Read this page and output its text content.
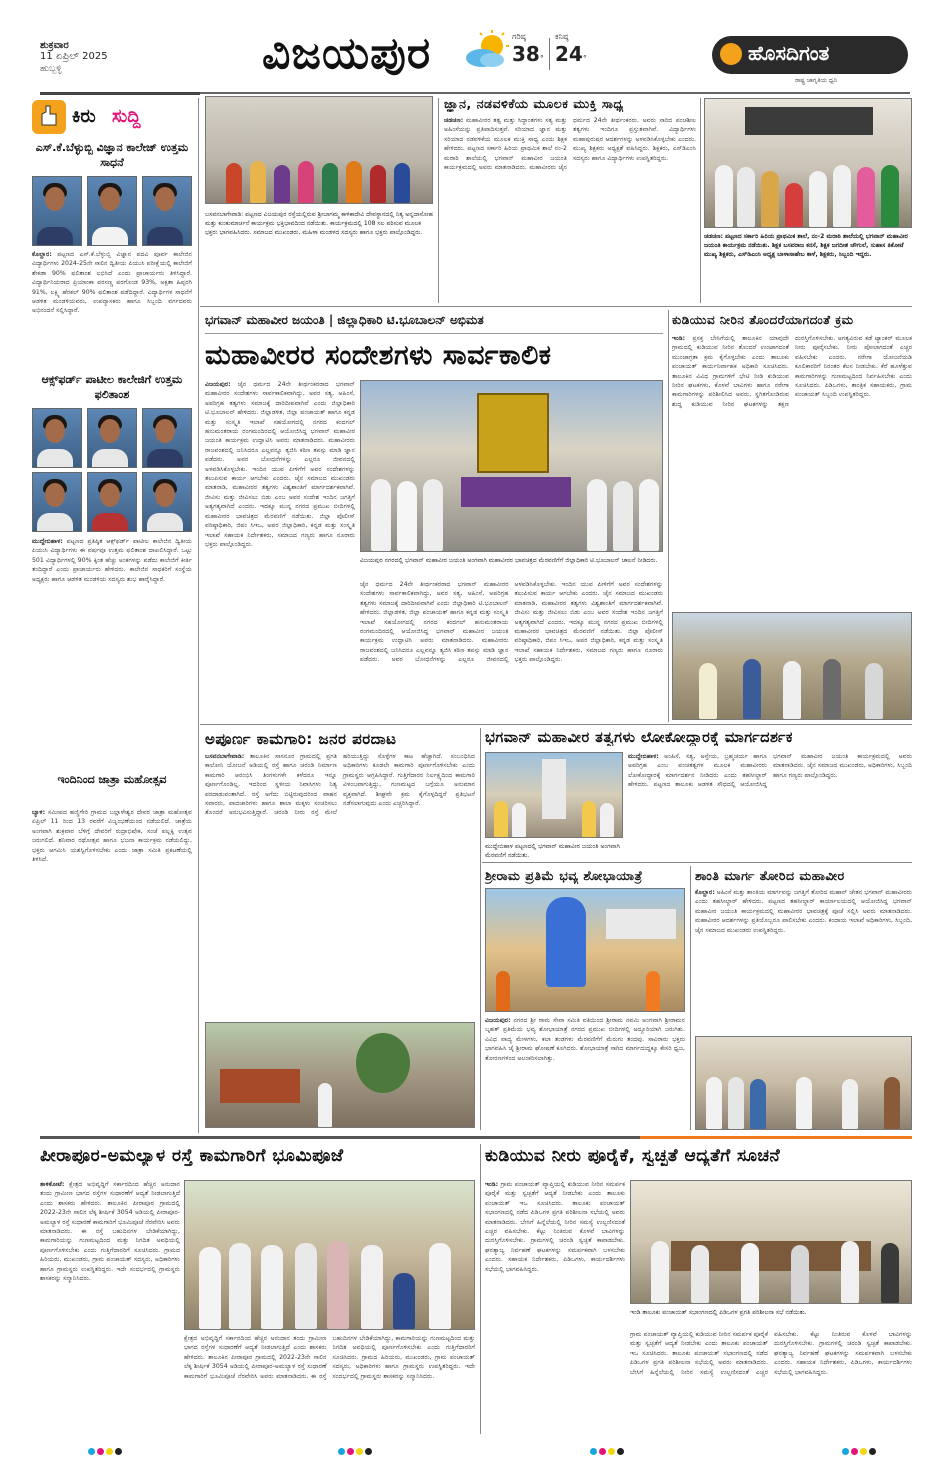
ಶುಕ್ರವಾರ
11 ಏಪ್ರಿಲ್ 2025
ಹುಬ್ಬಳ್ಳಿ	ವಿಜಯಪುರ	ಗರಿಷ್ಠ
38°
ಕನಿಷ್ಠ
24°	ಹೊಸದಿಗಂತ
ರಾಷ್ಟ್ರ ಜಾಗೃತಿಯ ಧ್ವನಿ
ಕಿರು ಸುದ್ದಿ
ಎಸ್.ಕೆ.ಬೆಳ್ಳುಬ್ಬಿ ವಿಜ್ಞಾನ ಕಾಲೇಜ್ ಉತ್ತಮ ಸಾಧನೆ
ಕೊಲ್ಹಾರ: ಪಟ್ಟಣದ ಎಸ್.ಕೆ.ಬೆಳ್ಳುಬ್ಬಿ ವಿಜ್ಞಾನ ಪದವಿ ಪೂರ್ವ ಕಾಲೇಜಿನ ವಿದ್ಯಾರ್ಥಿಗಳು 2024-25ನೇ ಸಾಲಿನ ದ್ವಿತೀಯ ಪಿಯುಸಿ ಪರೀಕ್ಷೆಯಲ್ಲಿ ಕಾಲೇಜಿಗೆ ಶೇಕಡಾ 90% ಫಲಿತಾಂಶ ಲಭಿಸಿದೆ ಎಂದು ಪ್ರಾಚಾರ್ಯರು ತಿಳಿಸಿದ್ದಾರೆ. ವಿದ್ಯಾರ್ಥಿನಿಯರಾದ ಪ್ರಿಯಾಂಕಾ ಪರಸಣ್ಣ ಪರಗೊಂಡ 93%, ಅಕ್ಷತಾ ಹಿಪ್ಪರಗಿ 91%, ಲಕ್ಷ್ಮಿ ಹೆರಕಲ್ 90% ಫಲಿತಾಂಶ ಪಡೆದಿದ್ದಾರೆ. ವಿದ್ಯಾರ್ಥಿಗಳ ಸಾಧನೆಗೆ ಆಡಳಿತ ಮಂಡಳಿಯವರು, ಉಪನ್ಯಾಸಕರು ಹಾಗೂ ಸಿಬ್ಬಂದಿ ವರ್ಗದವರು ಅಭಿನಂದನೆ ಸಲ್ಲಿಸಿದ್ದಾರೆ.
ಆಕ್ಸ್‌ಫರ್ಡ್ ಪಾಟೀಲ ಕಾಲೇಜಿಗೆ ಉತ್ತಮ ಫಲಿತಾಂಶ
ಮುದ್ದೇಬಿಹಾಳ: ಪಟ್ಟಣದ ಪ್ರತಿಷ್ಠಿತ ಆಕ್ಸ್‌ಫರ್ಡ್ ಪಾಟೀಲ ಕಾಲೇಜಿನ ದ್ವಿತೀಯ ಪಿಯುಸಿ ವಿದ್ಯಾರ್ಥಿಗಳು ಈ ವರ್ಷವೂ ಉತ್ತಮ ಫಲಿತಾಂಶ ದಾಖಲಿಸಿದ್ದಾರೆ. ಒಟ್ಟು 501 ವಿದ್ಯಾರ್ಥಿಗಳಲ್ಲಿ 90% ಕ್ಕಿಂತ ಹೆಚ್ಚು ಅಂಕಗಳನ್ನು ಪಡೆದು ಕಾಲೇಜಿಗೆ ಕೀರ್ತಿ ತಂದಿದ್ದಾರೆ ಎಂದು ಪ್ರಾಚಾರ್ಯರು ಹೇಳಿದರು. ಕಾಲೇಜಿನ ಸಾಧಕರಿಗೆ ಸಂಸ್ಥೆಯ ಅಧ್ಯಕ್ಷರು ಹಾಗೂ ಆಡಳಿತ ಮಂಡಳಿಯ ಸದಸ್ಯರು ಶುಭ ಹಾರೈಸಿದ್ದಾರೆ.
ಇಂದಿನಿಂದ ಜಾತ್ರಾ ಮಹೋತ್ಸವ
ಬ್ಯಾಳಿ: ಸಮೀಪದ ಹಣ್ಣಿಗೇರಿ ಗ್ರಾಮದ ಬಲ್ಲಾಳೇಶ್ವರ ದೇವರ ಜಾತ್ರಾ ಮಹೋತ್ಸವ ಏಪ್ರಿಲ್ 11 ರಿಂದ 13 ರವರೆಗೆ ವಿಜೃಂಭಣೆಯಿಂದ ನಡೆಯಲಿದೆ. ಜಾತ್ರೆಯ ಅಂಗವಾಗಿ ಶುಕ್ರವಾರ ಬೆಳಿಗ್ಗೆ ದೇವರಿಗೆ ರುದ್ರಾಭಿಷೇಕ, ಸಂಜೆ ಪಲ್ಲಕ್ಕಿ ಉತ್ಸವ ಜರುಗಲಿದೆ. ಶನಿವಾರ ರಥೋತ್ಸವ ಹಾಗೂ ಭಜನಾ ಕಾರ್ಯಕ್ರಮ ನಡೆಯಲಿದ್ದು, ಭಕ್ತರು ಆಗಮಿಸಿ ಯಶಸ್ವಿಗೊಳಿಸಬೇಕು ಎಂದು ಜಾತ್ರಾ ಸಮಿತಿ ಪ್ರಕಟಣೆಯಲ್ಲಿ ತಿಳಿಸಿದೆ.
ಬಸವನಬಾಗೇವಾಡಿ: ಪಟ್ಟಣದ ವಿಜಯಪುರ ರಸ್ತೆಯಲ್ಲಿರುವ ಶ್ರೀಬಾಗಮ್ಮ ಕಾಳಿಕಾದೇವಿ ದೇವಸ್ಥಾನದಲ್ಲಿ ನಿತ್ಯ ಅನ್ನದಾಸೋಹ ಮತ್ತು ಕುಂಕುಮಾರ್ಚನೆ ಕಾರ್ಯಕ್ರಮ ಭಕ್ತಿಭಾವದಿಂದ ನಡೆಯಿತು. ಕಾರ್ಯಕ್ರಮದಲ್ಲಿ 108 ಸಲ ಪಠಿಸುವ ಮೂಲಕ ಭಕ್ತರು ಭಾಗವಹಿಸಿದರು. ಸಮಾಜದ ಮುಖಂಡರು, ಮಹಿಳಾ ಮಂಡಳದ ಸದಸ್ಯರು ಹಾಗೂ ಭಕ್ತರು ಪಾಲ್ಗೊಂಡಿದ್ದರು.
ಜ್ಞಾನ, ನಡವಳಿಕೆಯ ಮೂಲಕ ಮುಕ್ತಿ ಸಾಧ್ಯ
ಚಡಚಣ: ಮಹಾವೀರರ ತತ್ವ ಮತ್ತು ಸಿದ್ಧಾಂತಗಳು ಸತ್ಯ ಮತ್ತು ಅಹಿಂಸೆಯನ್ನು ಪ್ರತಿಪಾದಿಸುತ್ತವೆ. ಸರಿಯಾದ ಜ್ಞಾನ ಮತ್ತು ಸರಿಯಾದ ನಡವಳಿಕೆಯ ಮೂಲಕ ಮುಕ್ತಿ ಸಾಧ್ಯ ಎಂದು ಶಿಕ್ಷಕ ಹೇಳಿದರು. ಪಟ್ಟಣದ ಸರ್ಕಾರಿ ಹಿರಿಯ ಪ್ರಾಥಮಿಕ ಶಾಲೆ ನಂ-2 ಮರಾಠಿ ಶಾಲೆಯಲ್ಲಿ ಭಗವಾನ್ ಮಹಾವೀರ ಜಯಂತಿ ಕಾರ್ಯಕ್ರಮದಲ್ಲಿ ಅವರು ಮಾತನಾಡಿದರು. ಮಹಾವೀರರು ಜೈನ ಧರ್ಮದ 24ನೇ ತೀರ್ಥಂಕರರು. ಅವರು ಸಾರಿದ ಪಂಚಶೀಲ ತತ್ವಗಳು ಇಂದಿಗೂ ಪ್ರಸ್ತುತವಾಗಿವೆ. ವಿದ್ಯಾರ್ಥಿಗಳು ಮಹಾಪುರುಷರ ಆದರ್ಶಗಳನ್ನು ಅಳವಡಿಸಿಕೊಳ್ಳಬೇಕು ಎಂದರು. ಮುಖ್ಯ ಶಿಕ್ಷಕರು ಅಧ್ಯಕ್ಷತೆ ವಹಿಸಿದ್ದರು. ಶಿಕ್ಷಕರು, ಎಸ್‌ಡಿಎಂಸಿ ಸದಸ್ಯರು ಹಾಗೂ ವಿದ್ಯಾರ್ಥಿಗಳು ಉಪಸ್ಥಿತರಿದ್ದರು.
ಚಡಚಣ: ಪಟ್ಟಣದ ಸರ್ಕಾರಿ ಹಿರಿಯ ಪ್ರಾಥಮಿಕ ಶಾಲೆ, ನಂ-2 ಮರಾಠಿ ಶಾಲೆಯಲ್ಲಿ ಭಗವಾನ್ ಮಹಾವೀರ ಜಯಂತಿ ಕಾರ್ಯಕ್ರಮ ನಡೆಯಿತು. ಶಿಕ್ಷಕ ಬಸವರಾಜ ಕನಸೆ, ಶಿಕ್ಷಕ ಜಗದೀಶ ಚೌಗುಲೆ, ಸುಹಾಸ ತಿಕೋಟೆ ಮುಖ್ಯ ಶಿಕ್ಷಕರು, ಎಸ್‌ಡಿಎಂಸಿ ಅಧ್ಯಕ್ಷ ಬಾಳಾಸಾಹೇಬ ಕಾಳೆ, ಶಿಕ್ಷಕರು, ಸಿಬ್ಬಂದಿ ಇದ್ದರು.
ಭಗವಾನ್ ಮಹಾವೀರ ಜಯಂತಿ | ಜಿಲ್ಲಾಧಿಕಾರಿ ಟಿ.ಭೂಬಾಲನ್ ಅಭಿಮತ
ಮಹಾವೀರರ ಸಂದೇಶಗಳು ಸಾರ್ವಕಾಲಿಕ
ವಿಜಯಪುರ: ಜೈನ ಧರ್ಮದ 24ನೇ ತೀರ್ಥಂಕರರಾದ ಭಗವಾನ್ ಮಹಾವೀರರ ಸಂದೇಶಗಳು ಸಾರ್ವಕಾಲಿಕವಾಗಿದ್ದು, ಅವರ ಸತ್ಯ, ಅಹಿಂಸೆ, ಅಪರಿಗ್ರಹ ತತ್ವಗಳು ಸಮಾಜಕ್ಕೆ ದಾರಿದೀಪವಾಗಿವೆ ಎಂದು ಜಿಲ್ಲಾಧಿಕಾರಿ ಟಿ.ಭೂಬಾಲನ್ ಹೇಳಿದರು. ಜಿಲ್ಲಾಡಳಿತ, ಜಿಲ್ಲಾ ಪಂಚಾಯತ್ ಹಾಗೂ ಕನ್ನಡ ಮತ್ತು ಸಂಸ್ಕೃತಿ ಇಲಾಖೆ ಸಹಯೋಗದಲ್ಲಿ ನಗರದ ಕಂದಗಲ್ ಹನುಮಂತರಾಯ ರಂಗಮಂದಿರದಲ್ಲಿ ಆಯೋಜಿಸಿದ್ದ ಭಗವಾನ್ ಮಹಾವೀರ ಜಯಂತಿ ಕಾರ್ಯಕ್ರಮ ಉದ್ಘಾಟಿಸಿ ಅವರು ಮಾತನಾಡಿದರು. ಮಹಾವೀರರು ರಾಜವಂಶದಲ್ಲಿ ಜನಿಸಿದರೂ ಎಲ್ಲವನ್ನೂ ತ್ಯಜಿಸಿ ಕಠಿಣ ತಪಸ್ಸು ಮಾಡಿ ಜ್ಞಾನ ಪಡೆದರು. ಅವರ ಬೋಧನೆಗಳನ್ನು ಎಲ್ಲರೂ ಜೀವನದಲ್ಲಿ ಅಳವಡಿಸಿಕೊಳ್ಳಬೇಕು. ಇಂದಿನ ಯುವ ಪೀಳಿಗೆಗೆ ಅವರ ಸಂದೇಶಗಳನ್ನು ತಲುಪಿಸುವ ಕಾರ್ಯ ಆಗಬೇಕು ಎಂದರು. ಜೈನ ಸಮಾಜದ ಮುಖಂಡರು ಮಾತನಾಡಿ, ಮಹಾವೀರರ ತತ್ವಗಳು ವಿಶ್ವಶಾಂತಿಗೆ ಮಾರ್ಗದರ್ಶಕವಾಗಿವೆ. ಜೀವಿಸು ಮತ್ತು ಜೀವಿಸಲು ಬಿಡು ಎಂಬ ಅವರ ಸಂದೇಶ ಇಂದಿನ ಜಗತ್ತಿಗೆ ಅತ್ಯಗತ್ಯವಾಗಿದೆ ಎಂದರು. ಇದಕ್ಕೂ ಮುನ್ನ ನಗರದ ಪ್ರಮುಖ ಬೀದಿಗಳಲ್ಲಿ ಮಹಾವೀರರ ಭಾವಚಿತ್ರದ ಮೆರವಣಿಗೆ ನಡೆಯಿತು. ಜಿಲ್ಲಾ ಪೊಲೀಸ್ ವರಿಷ್ಠಾಧಿಕಾರಿ, ಜಿಪಂ ಸಿಇಒ, ಅಪರ ಜಿಲ್ಲಾಧಿಕಾರಿ, ಕನ್ನಡ ಮತ್ತು ಸಂಸ್ಕೃತಿ ಇಲಾಖೆ ಸಹಾಯಕ ನಿರ್ದೇಶಕರು, ಸಮಾಜದ ಗಣ್ಯರು ಹಾಗೂ ನೂರಾರು ಭಕ್ತರು ಪಾಲ್ಗೊಂಡಿದ್ದರು.
ವಿಜಯಪುರ ನಗರದಲ್ಲಿ ಭಗವಾನ್ ಮಹಾವೀರ ಜಯಂತಿ ಅಂಗವಾಗಿ ಮಹಾವೀರರ ಭಾವಚಿತ್ರದ ಮೆರವಣಿಗೆಗೆ ಜಿಲ್ಲಾಧಿಕಾರಿ ಟಿ.ಭೂಬಾಲನ್ ಚಾಲನೆ ನೀಡಿದರು.
ಜೈನ ಧರ್ಮದ 24ನೇ ತೀರ್ಥಂಕರರಾದ ಭಗವಾನ್ ಮಹಾವೀರರ ಸಂದೇಶಗಳು ಸಾರ್ವಕಾಲಿಕವಾಗಿದ್ದು, ಅವರ ಸತ್ಯ, ಅಹಿಂಸೆ, ಅಪರಿಗ್ರಹ ತತ್ವಗಳು ಸಮಾಜಕ್ಕೆ ದಾರಿದೀಪವಾಗಿವೆ ಎಂದು ಜಿಲ್ಲಾಧಿಕಾರಿ ಟಿ.ಭೂಬಾಲನ್ ಹೇಳಿದರು. ಜಿಲ್ಲಾಡಳಿತ, ಜಿಲ್ಲಾ ಪಂಚಾಯತ್ ಹಾಗೂ ಕನ್ನಡ ಮತ್ತು ಸಂಸ್ಕೃತಿ ಇಲಾಖೆ ಸಹಯೋಗದಲ್ಲಿ ನಗರದ ಕಂದಗಲ್ ಹನುಮಂತರಾಯ ರಂಗಮಂದಿರದಲ್ಲಿ ಆಯೋಜಿಸಿದ್ದ ಭಗವಾನ್ ಮಹಾವೀರ ಜಯಂತಿ ಕಾರ್ಯಕ್ರಮ ಉದ್ಘಾಟಿಸಿ ಅವರು ಮಾತನಾಡಿದರು. ಮಹಾವೀರರು ರಾಜವಂಶದಲ್ಲಿ ಜನಿಸಿದರೂ ಎಲ್ಲವನ್ನೂ ತ್ಯಜಿಸಿ ಕಠಿಣ ತಪಸ್ಸು ಮಾಡಿ ಜ್ಞಾನ ಪಡೆದರು. ಅವರ ಬೋಧನೆಗಳನ್ನು ಎಲ್ಲರೂ ಜೀವನದಲ್ಲಿ ಅಳವಡಿಸಿಕೊಳ್ಳಬೇಕು. ಇಂದಿನ ಯುವ ಪೀಳಿಗೆಗೆ ಅವರ ಸಂದೇಶಗಳನ್ನು ತಲುಪಿಸುವ ಕಾರ್ಯ ಆಗಬೇಕು ಎಂದರು. ಜೈನ ಸಮಾಜದ ಮುಖಂಡರು ಮಾತನಾಡಿ, ಮಹಾವೀರರ ತತ್ವಗಳು ವಿಶ್ವಶಾಂತಿಗೆ ಮಾರ್ಗದರ್ಶಕವಾಗಿವೆ. ಜೀವಿಸು ಮತ್ತು ಜೀವಿಸಲು ಬಿಡು ಎಂಬ ಅವರ ಸಂದೇಶ ಇಂದಿನ ಜಗತ್ತಿಗೆ ಅತ್ಯಗತ್ಯವಾಗಿದೆ ಎಂದರು. ಇದಕ್ಕೂ ಮುನ್ನ ನಗರದ ಪ್ರಮುಖ ಬೀದಿಗಳಲ್ಲಿ ಮಹಾವೀರರ ಭಾವಚಿತ್ರದ ಮೆರವಣಿಗೆ ನಡೆಯಿತು. ಜಿಲ್ಲಾ ಪೊಲೀಸ್ ವರಿಷ್ಠಾಧಿಕಾರಿ, ಜಿಪಂ ಸಿಇಒ, ಅಪರ ಜಿಲ್ಲಾಧಿಕಾರಿ, ಕನ್ನಡ ಮತ್ತು ಸಂಸ್ಕೃತಿ ಇಲಾಖೆ ಸಹಾಯಕ ನಿರ್ದೇಶಕರು, ಸಮಾಜದ ಗಣ್ಯರು ಹಾಗೂ ನೂರಾರು ಭಕ್ತರು ಪಾಲ್ಗೊಂಡಿದ್ದರು.
ಕುಡಿಯುವ ನೀರಿನ ತೊಂದರೆಯಾಗದಂತೆ ಕ್ರಮ
ಇಂಡಿ: ಪ್ರಸಕ್ತ ಬೇಸಿಗೆಯಲ್ಲಿ ತಾಲೂಕಿನ ಯಾವುದೇ ಗ್ರಾಮದಲ್ಲಿ ಕುಡಿಯುವ ನೀರಿನ ತೊಂದರೆ ಉಂಟಾಗದಂತೆ ಮುಂಜಾಗ್ರತಾ ಕ್ರಮ ಕೈಗೊಳ್ಳಬೇಕು ಎಂದು ತಾಲೂಕು ಪಂಚಾಯತ್ ಕಾರ್ಯನಿರ್ವಾಹಕ ಅಧಿಕಾರಿ ಸೂಚಿಸಿದರು. ತಾಲೂಕಿನ ವಿವಿಧ ಗ್ರಾಮಗಳಿಗೆ ಭೇಟಿ ನೀಡಿ ಕುಡಿಯುವ ನೀರಿನ ಘಟಕಗಳು, ಕೊಳವೆ ಬಾವಿಗಳು ಹಾಗೂ ನರೇಗಾ ಕಾಮಗಾರಿಗಳನ್ನು ಪರಿಶೀಲಿಸಿದ ಅವರು, ಸ್ಥಗಿತಗೊಂಡಿರುವ ಶುದ್ಧ ಕುಡಿಯುವ ನೀರಿನ ಘಟಕಗಳನ್ನು ತಕ್ಷಣ ದುರಸ್ತಿಗೊಳಿಸಬೇಕು. ಅಗತ್ಯವಿರುವ ಕಡೆ ಟ್ಯಾಂಕರ್ ಮೂಲಕ ನೀರು ಪೂರೈಸಬೇಕು. ನೀರು ಪೋಲಾಗದಂತೆ ಎಚ್ಚರ ವಹಿಸಬೇಕು ಎಂದರು. ನರೇಗಾ ಯೋಜನೆಯಡಿ ಕೂಲಿಕಾರರಿಗೆ ನಿರಂತರ ಕೆಲಸ ನೀಡಬೇಕು. ಕೆರೆ ಹೂಳೆತ್ತುವ ಕಾಮಗಾರಿಗಳನ್ನು ಗುಣಮಟ್ಟದಿಂದ ನಿರ್ವಹಿಸಬೇಕು ಎಂದು ಸೂಚಿಸಿದರು. ಪಿಡಿಒಗಳು, ತಾಂತ್ರಿಕ ಸಹಾಯಕರು, ಗ್ರಾಮ ಪಂಚಾಯತ್ ಸಿಬ್ಬಂದಿ ಉಪಸ್ಥಿತರಿದ್ದರು.
ಅಪೂರ್ಣ ಕಾಮಗಾರಿ: ಜನರ ಪರದಾಟ
ಬಸವನಬಾಗೇವಾಡಿ: ತಾಲೂಕಿನ ಸಾಸನೂರ ಗ್ರಾಮದಲ್ಲಿ ಪ್ರಗತಿ ಕಾಲೋನಿ ಯೋಜನೆ ಅಡಿಯಲ್ಲಿ ರಸ್ತೆ ಹಾಗೂ ಚರಂಡಿ ನಿರ್ಮಾಣ ಕಾಮಗಾರಿ ಆರಂಭಿಸಿ ತಿಂಗಳುಗಳೇ ಕಳೆದರೂ ಇನ್ನೂ ಪೂರ್ಣಗೊಂಡಿಲ್ಲ. ಇದರಿಂದ ಸ್ಥಳೀಯ ನಿವಾಸಿಗಳು ನಿತ್ಯ ಪರದಾಡುವಂತಾಗಿದೆ. ರಸ್ತೆ ಅಗೆದು ಬಿಟ್ಟಿರುವುದರಿಂದ ವಾಹನ ಸವಾರರು, ಪಾದಚಾರಿಗಳು ಹಾಗೂ ಶಾಲಾ ಮಕ್ಕಳು ಸಂಚರಿಸಲು ತೊಂದರೆ ಅನುಭವಿಸುತ್ತಿದ್ದಾರೆ. ಚರಂಡಿ ನೀರು ರಸ್ತೆ ಮೇಲೆ ಹರಿಯುತ್ತಿದ್ದು ಸೊಳ್ಳೆಗಳ ಕಾಟ ಹೆಚ್ಚಾಗಿದೆ. ಸಂಬಂಧಿಸಿದ ಅಧಿಕಾರಿಗಳು ಕೂಡಲೇ ಕಾಮಗಾರಿ ಪೂರ್ಣಗೊಳಿಸಬೇಕು ಎಂದು ಗ್ರಾಮಸ್ಥರು ಆಗ್ರಹಿಸಿದ್ದಾರೆ. ಗುತ್ತಿಗೆದಾರರ ನಿರ್ಲಕ್ಷ್ಯದಿಂದ ಕಾಮಗಾರಿ ವಿಳಂಬವಾಗುತ್ತಿದ್ದು, ಗುಣಮಟ್ಟದ ಬಗ್ಗೆಯೂ ಅನುಮಾನ ವ್ಯಕ್ತವಾಗಿದೆ. ಶೀಘ್ರವೇ ಕ್ರಮ ಕೈಗೊಳ್ಳದಿದ್ದರೆ ಪ್ರತಿಭಟನೆ ನಡೆಸಲಾಗುವುದು ಎಂದು ಎಚ್ಚರಿಸಿದ್ದಾರೆ.
ಭಗವಾನ್ ಮಹಾವೀರ ತತ್ವಗಳು ಲೋಕೋದ್ಧಾರಕ್ಕೆ ಮಾರ್ಗದರ್ಶಕ
ಮುದ್ದೇಬಿಹಾಳ: ಅಂಹಿಸೆ, ಸತ್ಯ, ಅಸ್ತೇಯ, ಬ್ರಹ್ಮಚರ್ಯ ಹಾಗೂ ಅಪರಿಗ್ರಹ ಎಂಬ ಪಂಚತತ್ವಗಳ ಮೂಲಕ ಮಹಾವೀರರು ಲೋಕೋದ್ಧಾರಕ್ಕೆ ಮಾರ್ಗದರ್ಶನ ನೀಡಿದರು ಎಂದು ತಹಸೀಲ್ದಾರ್ ಹೇಳಿದರು. ಪಟ್ಟಣದ ತಾಲೂಕು ಆಡಳಿತ ಸೌಧದಲ್ಲಿ ಆಯೋಜಿಸಿದ್ದ ಭಗವಾನ್ ಮಹಾವೀರ ಜಯಂತಿ ಕಾರ್ಯಕ್ರಮದಲ್ಲಿ ಅವರು ಮಾತನಾಡಿದರು. ಜೈನ ಸಮಾಜದ ಮುಖಂಡರು, ಅಧಿಕಾರಿಗಳು, ಸಿಬ್ಬಂದಿ ಹಾಗೂ ಗಣ್ಯರು ಪಾಲ್ಗೊಂಡಿದ್ದರು.
ಮುದ್ದೇಬಿಹಾಳ ಪಟ್ಟಣದಲ್ಲಿ ಭಗವಾನ್ ಮಹಾವೀರ ಜಯಂತಿ ಅಂಗವಾಗಿ ಮೆರವಣಿಗೆ ನಡೆಯಿತು.
ಶ್ರೀರಾಮ ಪ್ರತಿಮೆ ಭವ್ಯ ಶೋಭಾಯಾತ್ರೆ
ವಿಜಯಪುರ: ನಗರದ ಶ್ರೀ ರಾಮ ಸೇವಾ ಸಮಿತಿ ವತಿಯಿಂದ ಶ್ರೀರಾಮ ನವಮಿ ಅಂಗವಾಗಿ ಶ್ರೀರಾಮನ ಬೃಹತ್ ಪ್ರತಿಮೆಯ ಭವ್ಯ ಶೋಭಾಯಾತ್ರೆ ನಗರದ ಪ್ರಮುಖ ಬೀದಿಗಳಲ್ಲಿ ಅದ್ದೂರಿಯಾಗಿ ಜರುಗಿತು. ವಿವಿಧ ವಾದ್ಯ ಮೇಳಗಳು, ಕಲಾ ತಂಡಗಳು ಮೆರವಣಿಗೆಗೆ ಮೆರುಗು ತಂದವು. ಸಾವಿರಾರು ಭಕ್ತರು ಭಾಗವಹಿಸಿ ಜೈ ಶ್ರೀರಾಮ ಘೋಷಣೆ ಕೂಗಿದರು. ಶೋಭಾಯಾತ್ರೆ ಸಾಗಿದ ಮಾರ್ಗದುದ್ದಕ್ಕೂ ಕೇಸರಿ ಧ್ವಜ, ತೋರಣಗಳಿಂದ ಅಲಂಕರಿಸಲಾಗಿತ್ತು.
ಶಾಂತಿ ಮಾರ್ಗ ತೋರಿದ ಮಹಾವೀರ
ಕೊಲ್ಹಾರ: ಅಹಿಂಸೆ ಮತ್ತು ಶಾಂತಿಯ ಮಾರ್ಗವನ್ನು ಜಗತ್ತಿಗೆ ತೋರಿದ ಮಹಾನ್ ಚೇತನ ಭಗವಾನ್ ಮಹಾವೀರರು ಎಂದು ತಹಸೀಲ್ದಾರ್ ಹೇಳಿದರು. ಪಟ್ಟಣದ ತಹಸೀಲ್ದಾರ್ ಕಾರ್ಯಾಲಯದಲ್ಲಿ ಆಯೋಜಿಸಿದ್ದ ಭಗವಾನ್ ಮಹಾವೀರ ಜಯಂತಿ ಕಾರ್ಯಕ್ರಮದಲ್ಲಿ ಮಹಾವೀರರ ಭಾವಚಿತ್ರಕ್ಕೆ ಪೂಜೆ ಸಲ್ಲಿಸಿ ಅವರು ಮಾತನಾಡಿದರು. ಮಹಾವೀರರ ಆದರ್ಶಗಳನ್ನು ಪ್ರತಿಯೊಬ್ಬರೂ ಪಾಲಿಸಬೇಕು ಎಂದರು. ಕಂದಾಯ ಇಲಾಖೆ ಅಧಿಕಾರಿಗಳು, ಸಿಬ್ಬಂದಿ, ಜೈನ ಸಮಾಜದ ಮುಖಂಡರು ಉಪಸ್ಥಿತರಿದ್ದರು.
ಪೀರಾಪೂರ-ಅಮಲ್ಯಾಳ ರಸ್ತೆ ಕಾಮಗಾರಿಗೆ ಭೂಮಿಪೂಜೆ
ತಾಳಿಕೋಟೆ: ಕ್ಷೇತ್ರದ ಅಭಿವೃದ್ಧಿಗೆ ಸರ್ಕಾರದಿಂದ ಹೆಚ್ಚಿನ ಅನುದಾನ ತಂದು ಗ್ರಾಮೀಣ ಭಾಗದ ರಸ್ತೆಗಳ ಸುಧಾರಣೆಗೆ ಆದ್ಯತೆ ನೀಡಲಾಗುತ್ತಿದೆ ಎಂದು ಶಾಸಕರು ಹೇಳಿದರು. ತಾಲೂಕಿನ ಪೀರಾಪೂರ ಗ್ರಾಮದಲ್ಲಿ 2022-23ನೇ ಸಾಲಿನ ಲೆಕ್ಕ ಶೀರ್ಷಿಕೆ 3054 ಅಡಿಯಲ್ಲಿ ಪೀರಾಪೂರ-ಅಮಲ್ಯಾಳ ರಸ್ತೆ ಸುಧಾರಣೆ ಕಾಮಗಾರಿಗೆ ಭೂಮಿಪೂಜೆ ನೆರವೇರಿಸಿ ಅವರು ಮಾತನಾಡಿದರು. ಈ ರಸ್ತೆ ಬಹುದಿನಗಳ ಬೇಡಿಕೆಯಾಗಿದ್ದು, ಕಾಮಗಾರಿಯನ್ನು ಗುಣಮಟ್ಟದಿಂದ ಮತ್ತು ನಿಗದಿತ ಅವಧಿಯಲ್ಲಿ ಪೂರ್ಣಗೊಳಿಸಬೇಕು ಎಂದು ಗುತ್ತಿಗೆದಾರರಿಗೆ ಸೂಚಿಸಿದರು. ಗ್ರಾಮದ ಹಿರಿಯರು, ಮುಖಂಡರು, ಗ್ರಾಮ ಪಂಚಾಯತ್ ಸದಸ್ಯರು, ಅಧಿಕಾರಿಗಳು ಹಾಗೂ ಗ್ರಾಮಸ್ಥರು ಉಪಸ್ಥಿತರಿದ್ದರು. ಇದೇ ಸಂದರ್ಭದಲ್ಲಿ ಗ್ರಾಮಸ್ಥರು ಶಾಸಕರನ್ನು ಸನ್ಮಾನಿಸಿದರು.
ಕ್ಷೇತ್ರದ ಅಭಿವೃದ್ಧಿಗೆ ಸರ್ಕಾರದಿಂದ ಹೆಚ್ಚಿನ ಅನುದಾನ ತಂದು ಗ್ರಾಮೀಣ ಭಾಗದ ರಸ್ತೆಗಳ ಸುಧಾರಣೆಗೆ ಆದ್ಯತೆ ನೀಡಲಾಗುತ್ತಿದೆ ಎಂದು ಶಾಸಕರು ಹೇಳಿದರು. ತಾಲೂಕಿನ ಪೀರಾಪೂರ ಗ್ರಾಮದಲ್ಲಿ 2022-23ನೇ ಸಾಲಿನ ಲೆಕ್ಕ ಶೀರ್ಷಿಕೆ 3054 ಅಡಿಯಲ್ಲಿ ಪೀರಾಪೂರ-ಅಮಲ್ಯಾಳ ರಸ್ತೆ ಸುಧಾರಣೆ ಕಾಮಗಾರಿಗೆ ಭೂಮಿಪೂಜೆ ನೆರವೇರಿಸಿ ಅವರು ಮಾತನಾಡಿದರು. ಈ ರಸ್ತೆ ಬಹುದಿನಗಳ ಬೇಡಿಕೆಯಾಗಿದ್ದು, ಕಾಮಗಾರಿಯನ್ನು ಗುಣಮಟ್ಟದಿಂದ ಮತ್ತು ನಿಗದಿತ ಅವಧಿಯಲ್ಲಿ ಪೂರ್ಣಗೊಳಿಸಬೇಕು ಎಂದು ಗುತ್ತಿಗೆದಾರರಿಗೆ ಸೂಚಿಸಿದರು. ಗ್ರಾಮದ ಹಿರಿಯರು, ಮುಖಂಡರು, ಗ್ರಾಮ ಪಂಚಾಯತ್ ಸದಸ್ಯರು, ಅಧಿಕಾರಿಗಳು ಹಾಗೂ ಗ್ರಾಮಸ್ಥರು ಉಪಸ್ಥಿತರಿದ್ದರು. ಇದೇ ಸಂದರ್ಭದಲ್ಲಿ ಗ್ರಾಮಸ್ಥರು ಶಾಸಕರನ್ನು ಸನ್ಮಾನಿಸಿದರು.
ಕುಡಿಯುವ ನೀರು ಪೂರೈಕೆ, ಸ್ವಚ್ಛತೆ ಆದ್ಯತೆಗೆ ಸೂಚನೆ
ಇಂಡಿ: ಗ್ರಾಮ ಪಂಚಾಯತ್ ವ್ಯಾಪ್ತಿಯಲ್ಲಿ ಕುಡಿಯುವ ನೀರಿನ ಸಮರ್ಪಕ ಪೂರೈಕೆ ಮತ್ತು ಸ್ವಚ್ಛತೆಗೆ ಆದ್ಯತೆ ನೀಡಬೇಕು ಎಂದು ತಾಲೂಕು ಪಂಚಾಯತ್ ಇಒ ಸೂಚಿಸಿದರು. ತಾಲೂಕು ಪಂಚಾಯತ್ ಸಭಾಂಗಣದಲ್ಲಿ ನಡೆದ ಪಿಡಿಒಗಳ ಪ್ರಗತಿ ಪರಿಶೀಲನಾ ಸಭೆಯಲ್ಲಿ ಅವರು ಮಾತನಾಡಿದರು. ಬೇಸಿಗೆ ಹಿನ್ನೆಲೆಯಲ್ಲಿ ನೀರಿನ ಸಮಸ್ಯೆ ಉಲ್ಬಣಿಸದಂತೆ ಎಚ್ಚರ ವಹಿಸಬೇಕು. ಕೆಟ್ಟು ನಿಂತಿರುವ ಕೊಳವೆ ಬಾವಿಗಳನ್ನು ದುರಸ್ತಿಗೊಳಿಸಬೇಕು. ಗ್ರಾಮಗಳಲ್ಲಿ ಚರಂಡಿ ಸ್ವಚ್ಛತೆ ಕಾಪಾಡಬೇಕು. ಘನತ್ಯಾಜ್ಯ ನಿರ್ವಹಣೆ ಘಟಕಗಳನ್ನು ಸಮರ್ಪಕವಾಗಿ ಬಳಸಬೇಕು ಎಂದರು. ಸಹಾಯಕ ನಿರ್ದೇಶಕರು, ಪಿಡಿಒಗಳು, ಕಾರ್ಯದರ್ಶಿಗಳು ಸಭೆಯಲ್ಲಿ ಭಾಗವಹಿಸಿದ್ದರು.
ಇಂಡಿ ತಾಲೂಕು ಪಂಚಾಯತ್ ಸಭಾಂಗಣದಲ್ಲಿ ಪಿಡಿಒಗಳ ಪ್ರಗತಿ ಪರಿಶೀಲನಾ ಸಭೆ ನಡೆಯಿತು.
ಗ್ರಾಮ ಪಂಚಾಯತ್ ವ್ಯಾಪ್ತಿಯಲ್ಲಿ ಕುಡಿಯುವ ನೀರಿನ ಸಮರ್ಪಕ ಪೂರೈಕೆ ಮತ್ತು ಸ್ವಚ್ಛತೆಗೆ ಆದ್ಯತೆ ನೀಡಬೇಕು ಎಂದು ತಾಲೂಕು ಪಂಚಾಯತ್ ಇಒ ಸೂಚಿಸಿದರು. ತಾಲೂಕು ಪಂಚಾಯತ್ ಸಭಾಂಗಣದಲ್ಲಿ ನಡೆದ ಪಿಡಿಒಗಳ ಪ್ರಗತಿ ಪರಿಶೀಲನಾ ಸಭೆಯಲ್ಲಿ ಅವರು ಮಾತನಾಡಿದರು. ಬೇಸಿಗೆ ಹಿನ್ನೆಲೆಯಲ್ಲಿ ನೀರಿನ ಸಮಸ್ಯೆ ಉಲ್ಬಣಿಸದಂತೆ ಎಚ್ಚರ ವಹಿಸಬೇಕು. ಕೆಟ್ಟು ನಿಂತಿರುವ ಕೊಳವೆ ಬಾವಿಗಳನ್ನು ದುರಸ್ತಿಗೊಳಿಸಬೇಕು. ಗ್ರಾಮಗಳಲ್ಲಿ ಚರಂಡಿ ಸ್ವಚ್ಛತೆ ಕಾಪಾಡಬೇಕು. ಘನತ್ಯಾಜ್ಯ ನಿರ್ವಹಣೆ ಘಟಕಗಳನ್ನು ಸಮರ್ಪಕವಾಗಿ ಬಳಸಬೇಕು ಎಂದರು. ಸಹಾಯಕ ನಿರ್ದೇಶಕರು, ಪಿಡಿಒಗಳು, ಕಾರ್ಯದರ್ಶಿಗಳು ಸಭೆಯಲ್ಲಿ ಭಾಗವಹಿಸಿದ್ದರು.
